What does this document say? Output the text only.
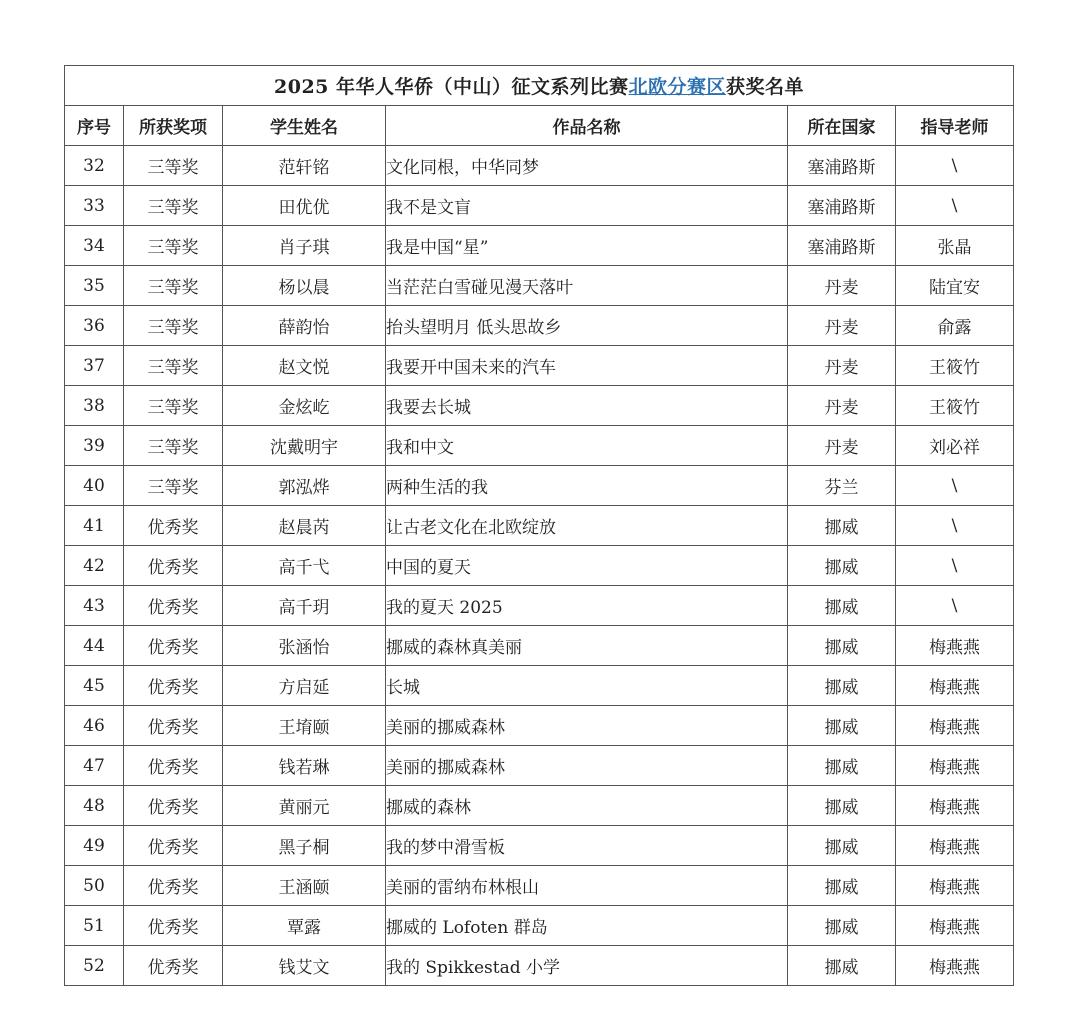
2025 年华人华侨（中山）征文系列比赛北欧分赛区获奖名单					
序号	所获奖项	学生姓名	作品名称	所在国家	指导老师
32	三等奖	范轩铭	文化同根，中华同梦	塞浦路斯	\
33	三等奖	田优优	我不是文盲	塞浦路斯	\
34	三等奖	肖子琪	我是中国“星”	塞浦路斯	张晶
35	三等奖	杨以晨	当茫茫白雪碰见漫天落叶	丹麦	陆宜安
36	三等奖	薛韵怡	抬头望明月 低头思故乡	丹麦	俞露
37	三等奖	赵文悦	我要开中国未来的汽车	丹麦	王筱竹
38	三等奖	金炫屹	我要去长城	丹麦	王筱竹
39	三等奖	沈戴明宇	我和中文	丹麦	刘必祥
40	三等奖	郭泓烨	两种生活的我	芬兰	\
41	优秀奖	赵晨芮	让古老文化在北欧绽放	挪威	\
42	优秀奖	高千弋	中国的夏天	挪威	\
43	优秀奖	高千玥	我的夏天 2025	挪威	\
44	优秀奖	张涵怡	挪威的森林真美丽	挪威	梅燕燕
45	优秀奖	方启延	长城	挪威	梅燕燕
46	优秀奖	王堉颐	美丽的挪威森林	挪威	梅燕燕
47	优秀奖	钱若琳	美丽的挪威森林	挪威	梅燕燕
48	优秀奖	黄丽元	挪威的森林	挪威	梅燕燕
49	优秀奖	黑子桐	我的梦中滑雪板	挪威	梅燕燕
50	优秀奖	王涵颐	美丽的雷纳布林根山	挪威	梅燕燕
51	优秀奖	覃露	挪威的 Lofoten 群岛	挪威	梅燕燕
52	优秀奖	钱艾文	我的 Spikkestad 小学	挪威	梅燕燕
